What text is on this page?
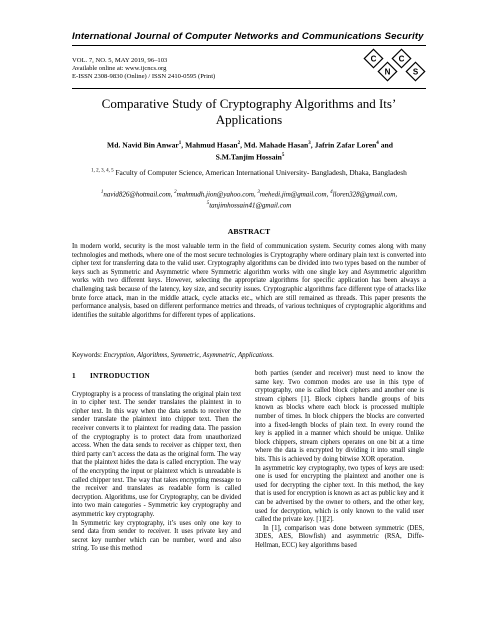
International Journal of Computer Networks and Communications Security
VOL. 7, NO. 5, MAY 2019, 96–103
Available online at: www.ijcncs.org
E-ISSN 2308-9830 (Online) / ISSN 2410-0595 (Print)
C
N
C
S
Comparative Study of Cryptography Algorithms and Its’
Applications
Md. Navid Bin Anwar$^1$, Mahmud Hasan$^2$, Md. Mahade Hasan$^3$, Jafrin Zafar Loren$^4$ and
S.M.Tanjim Hossain$^5$
$^{1, 2, 3, 4, 5}$ Faculty of Computer Science, American International University- Bangladesh, Dhaka, Bangladesh
$^1$navid826@hotmail.com, $^2$mahmudh.jion@yahoo.com, $^3$mehedi.jim@gmail.com, $^4$lloren328@gmail.com,
$^5$tanjimhossain41@gmail.com
ABSTRACT
In modern world, security is the most valuable term in the field of communication system. Security comes along with many technologies and methods, where one of the most secure technologies is Cryptography where ordinary plain text is converted into cipher text for transferring data to the valid user. Cryptography algorithms can be divided into two types based on the number of keys such as Symmetric and Asymmetric where Symmetric algorithm works with one single key and Asymmetric algorithm works with two different keys. However, selecting the appropriate algorithms for specific application has been always a challenging task because of the latency, key size, and security issues. Cryptographic algorithms face different type of attacks like brute force attack, man in the middle attack, cycle attacks etc., which are still remained as threads. This paper presents the performance analysis, based on different performance metrics and threads, of various techniques of cryptographic algorithms and identifies the suitable algorithms for different types of applications.
Keywords: Encryption, Algorithms, Symmetric, Asymmetric, Applications.
1 INTRODUCTION
Cryptography is a process of translating the original plain text in to cipher text. The sender translates the plaintext in to cipher text. In this way when the data sends to receiver the sender translate the plaintext into chipper text. Then the receiver converts it to plaintext for reading data. The passion of the cryptography is to protect data from unauthorized access. When the data sends to receiver as chipper text, then third party can’t access the data as the original form. The way that the plaintext hides the data is called encryption. The way of the encrypting the input or plaintext which is unreadable is called chipper text. The way that takes encrypting message to the receiver and translates as readable form is called decryption. Algorithms, use for Cryptography, can be divided into two main categories - Symmetric key cryptography and asymmetric key cryptography.
In Symmetric key cryptography, it’s uses only one key to send data from sender to receiver. It uses private key and secret key number which can be number, word and also string. To use this method
both parties (sender and receiver) must need to know the same key. Two common modes are use in this type of cryptography, one is called block ciphers and another one is stream ciphers [1]. Block ciphers handle groups of bits known as blocks where each block is processed multiple number of times. In block chippers the blocks are converted into a fixed-length blocks of plain text. In every round the key is applied in a manner which should be unique. Unlike block chippers, stream ciphers operates on one bit at a time where the data is encrypted by dividing it into small single bits. This is achieved by doing bitwise XOR operation.
In asymmetric key cryptography, two types of keys are used: one is used for encrypting the plaintext and another one is used for decrypting the cipher text. In this method, the key that is used for encryption is known as act as public key and it can be advertised by the owner to others, and the other key, used for decryption, which is only known to the valid user called the private key. [1][2].
In [1], comparison was done between symmetric (DES, 3DES, AES, Blowfish) and asymmetric (RSA, Diffe-Hellman, ECC) key algorithms based
